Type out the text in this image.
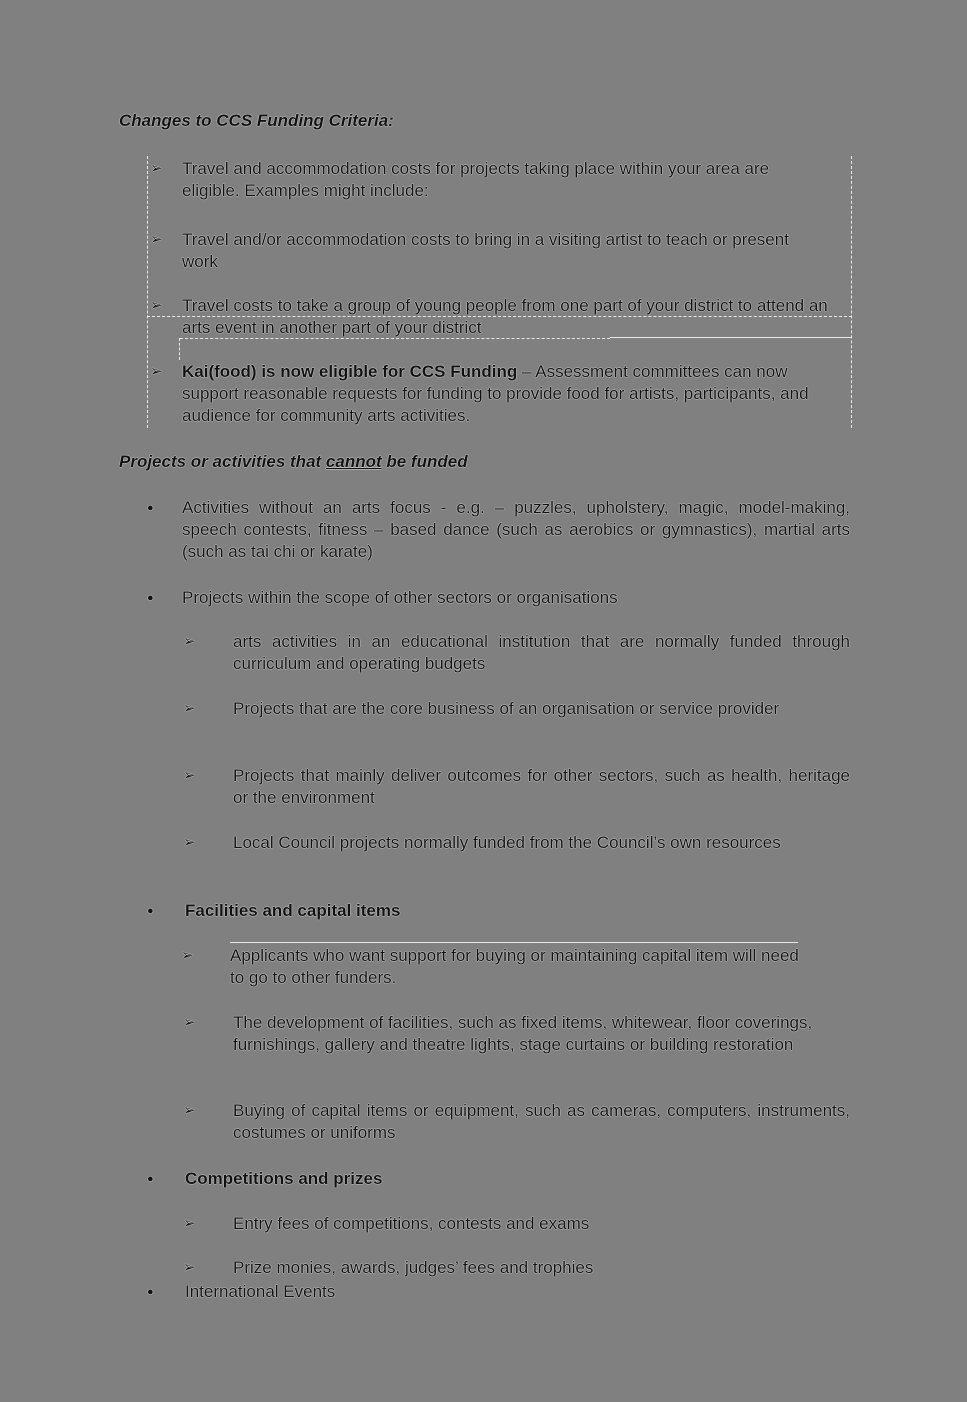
Changes to CCS Funding Criteria:
➢	Travel and accommodation costs for projects taking place within your area are eligible. Examples might include:
➢	Travel and/or accommodation costs to bring in a visiting artist to teach or present work
➢	Travel costs to take a group of young people from one part of your district to attend an arts event in another part of your district
➢	Kai(food) is now eligible for CCS Funding – Assessment committees can now support reasonable requests for funding to provide food for artists, participants, and audience for community arts activities.
Projects or activities that cannot be funded
●	Activities without an arts focus - e.g. – puzzles, upholstery, magic, model-making, speech contests, fitness – based dance (such as aerobics or gymnastics), martial arts (such as tai chi or karate)
●	Projects within the scope of other sectors or organisations
➢	arts activities in an educational institution that are normally funded through curriculum and operating budgets
➢	Projects that are the core business of an organisation or service provider
➢	Projects that mainly deliver outcomes for other sectors, such as health, heritage or the environment
➢	Local Council projects normally funded from the Council’s own resources
●	Facilities and capital items
➢	Applicants who want support for buying or maintaining capital item will need to go to other funders.
➢	The development of facilities, such as fixed items, whitewear, floor coverings, furnishings, gallery and theatre lights, stage curtains or building restoration
➢	Buying of capital items or equipment, such as cameras, computers, instruments, costumes or uniforms
●	Competitions and prizes
➢	Entry fees of competitions, contests and exams
➢	Prize monies, awards, judges’ fees and trophies
●	International Events
